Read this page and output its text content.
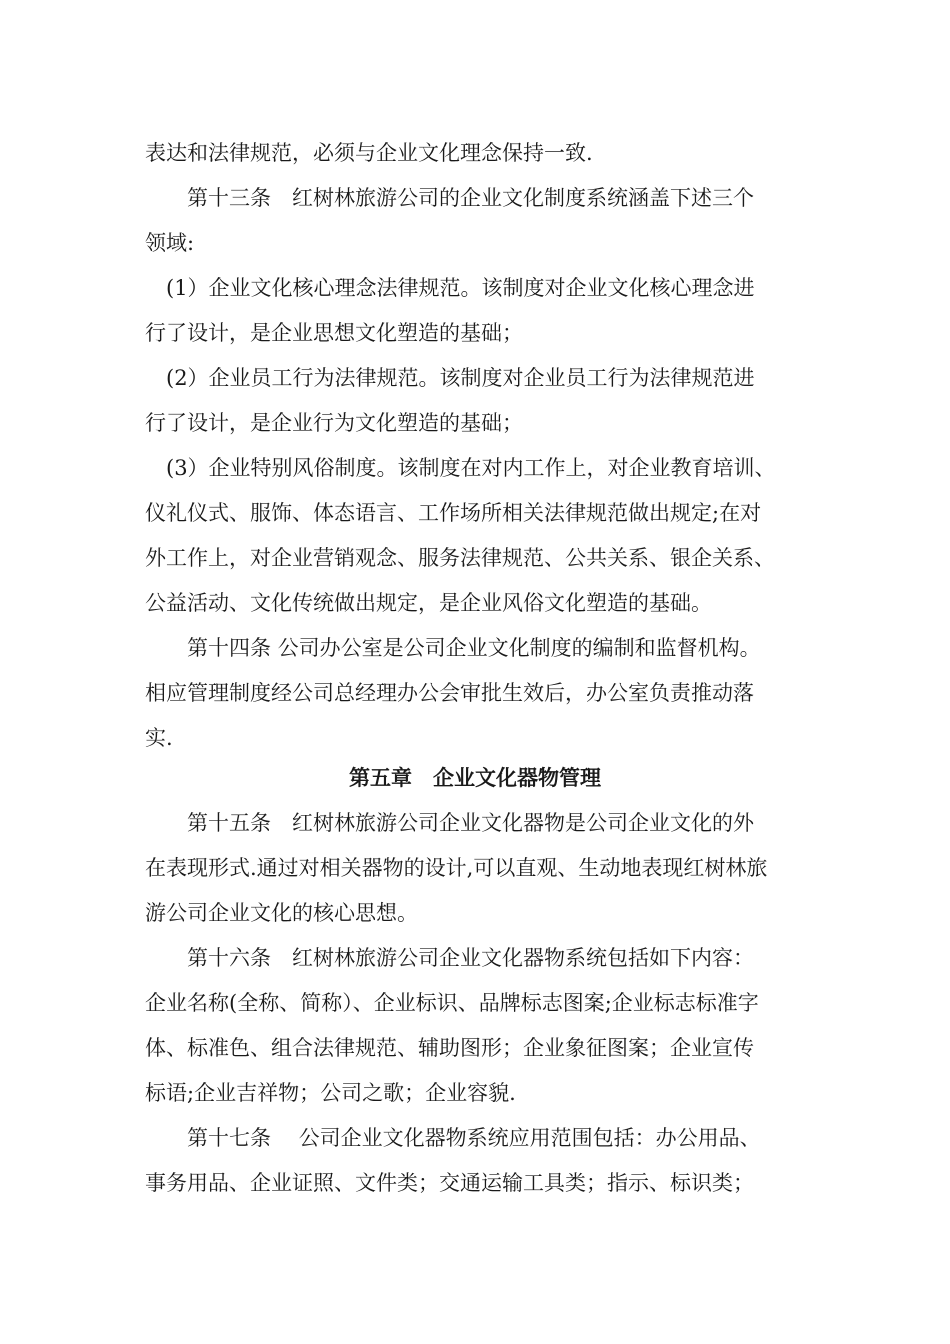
表达和法律规范，必须与企业文化理念保持一致.
　　第十三条　红树林旅游公司的企业文化制度系统涵盖下述三个
领域:
　(1）企业文化核心理念法律规范。该制度对企业文化核心理念进
行了设计，是企业思想文化塑造的基础；
　(2）企业员工行为法律规范。该制度对企业员工行为法律规范进
行了设计，是企业行为文化塑造的基础；
　(3）企业特别风俗制度。该制度在对内工作上，对企业教育培训、
仪礼仪式、服饰、体态语言、工作场所相关法律规范做出规定;在对
外工作上，对企业营销观念、服务法律规范、公共关系、银企关系、
公益活动、文化传统做出规定，是企业风俗文化塑造的基础。
　　第十四条 公司办公室是公司企业文化制度的编制和监督机构。
相应管理制度经公司总经理办公会审批生效后，办公室负责推动落
实.
第五章　企业文化器物管理
　　第十五条　红树林旅游公司企业文化器物是公司企业文化的外
在表现形式.通过对相关器物的设计,可以直观、生动地表现红树林旅
游公司企业文化的核心思想。
　　第十六条　红树林旅游公司企业文化器物系统包括如下内容：
企业名称(全称、简称）、企业标识、品牌标志图案;企业标志标准字
体、标准色、组合法律规范、辅助图形；企业象征图案；企业宣传
标语;企业吉祥物；公司之歌；企业容貌.
　　第十七条　 公司企业文化器物系统应用范围包括：办公用品、
事务用品、企业证照、文件类；交通运输工具类；指示、标识类；
